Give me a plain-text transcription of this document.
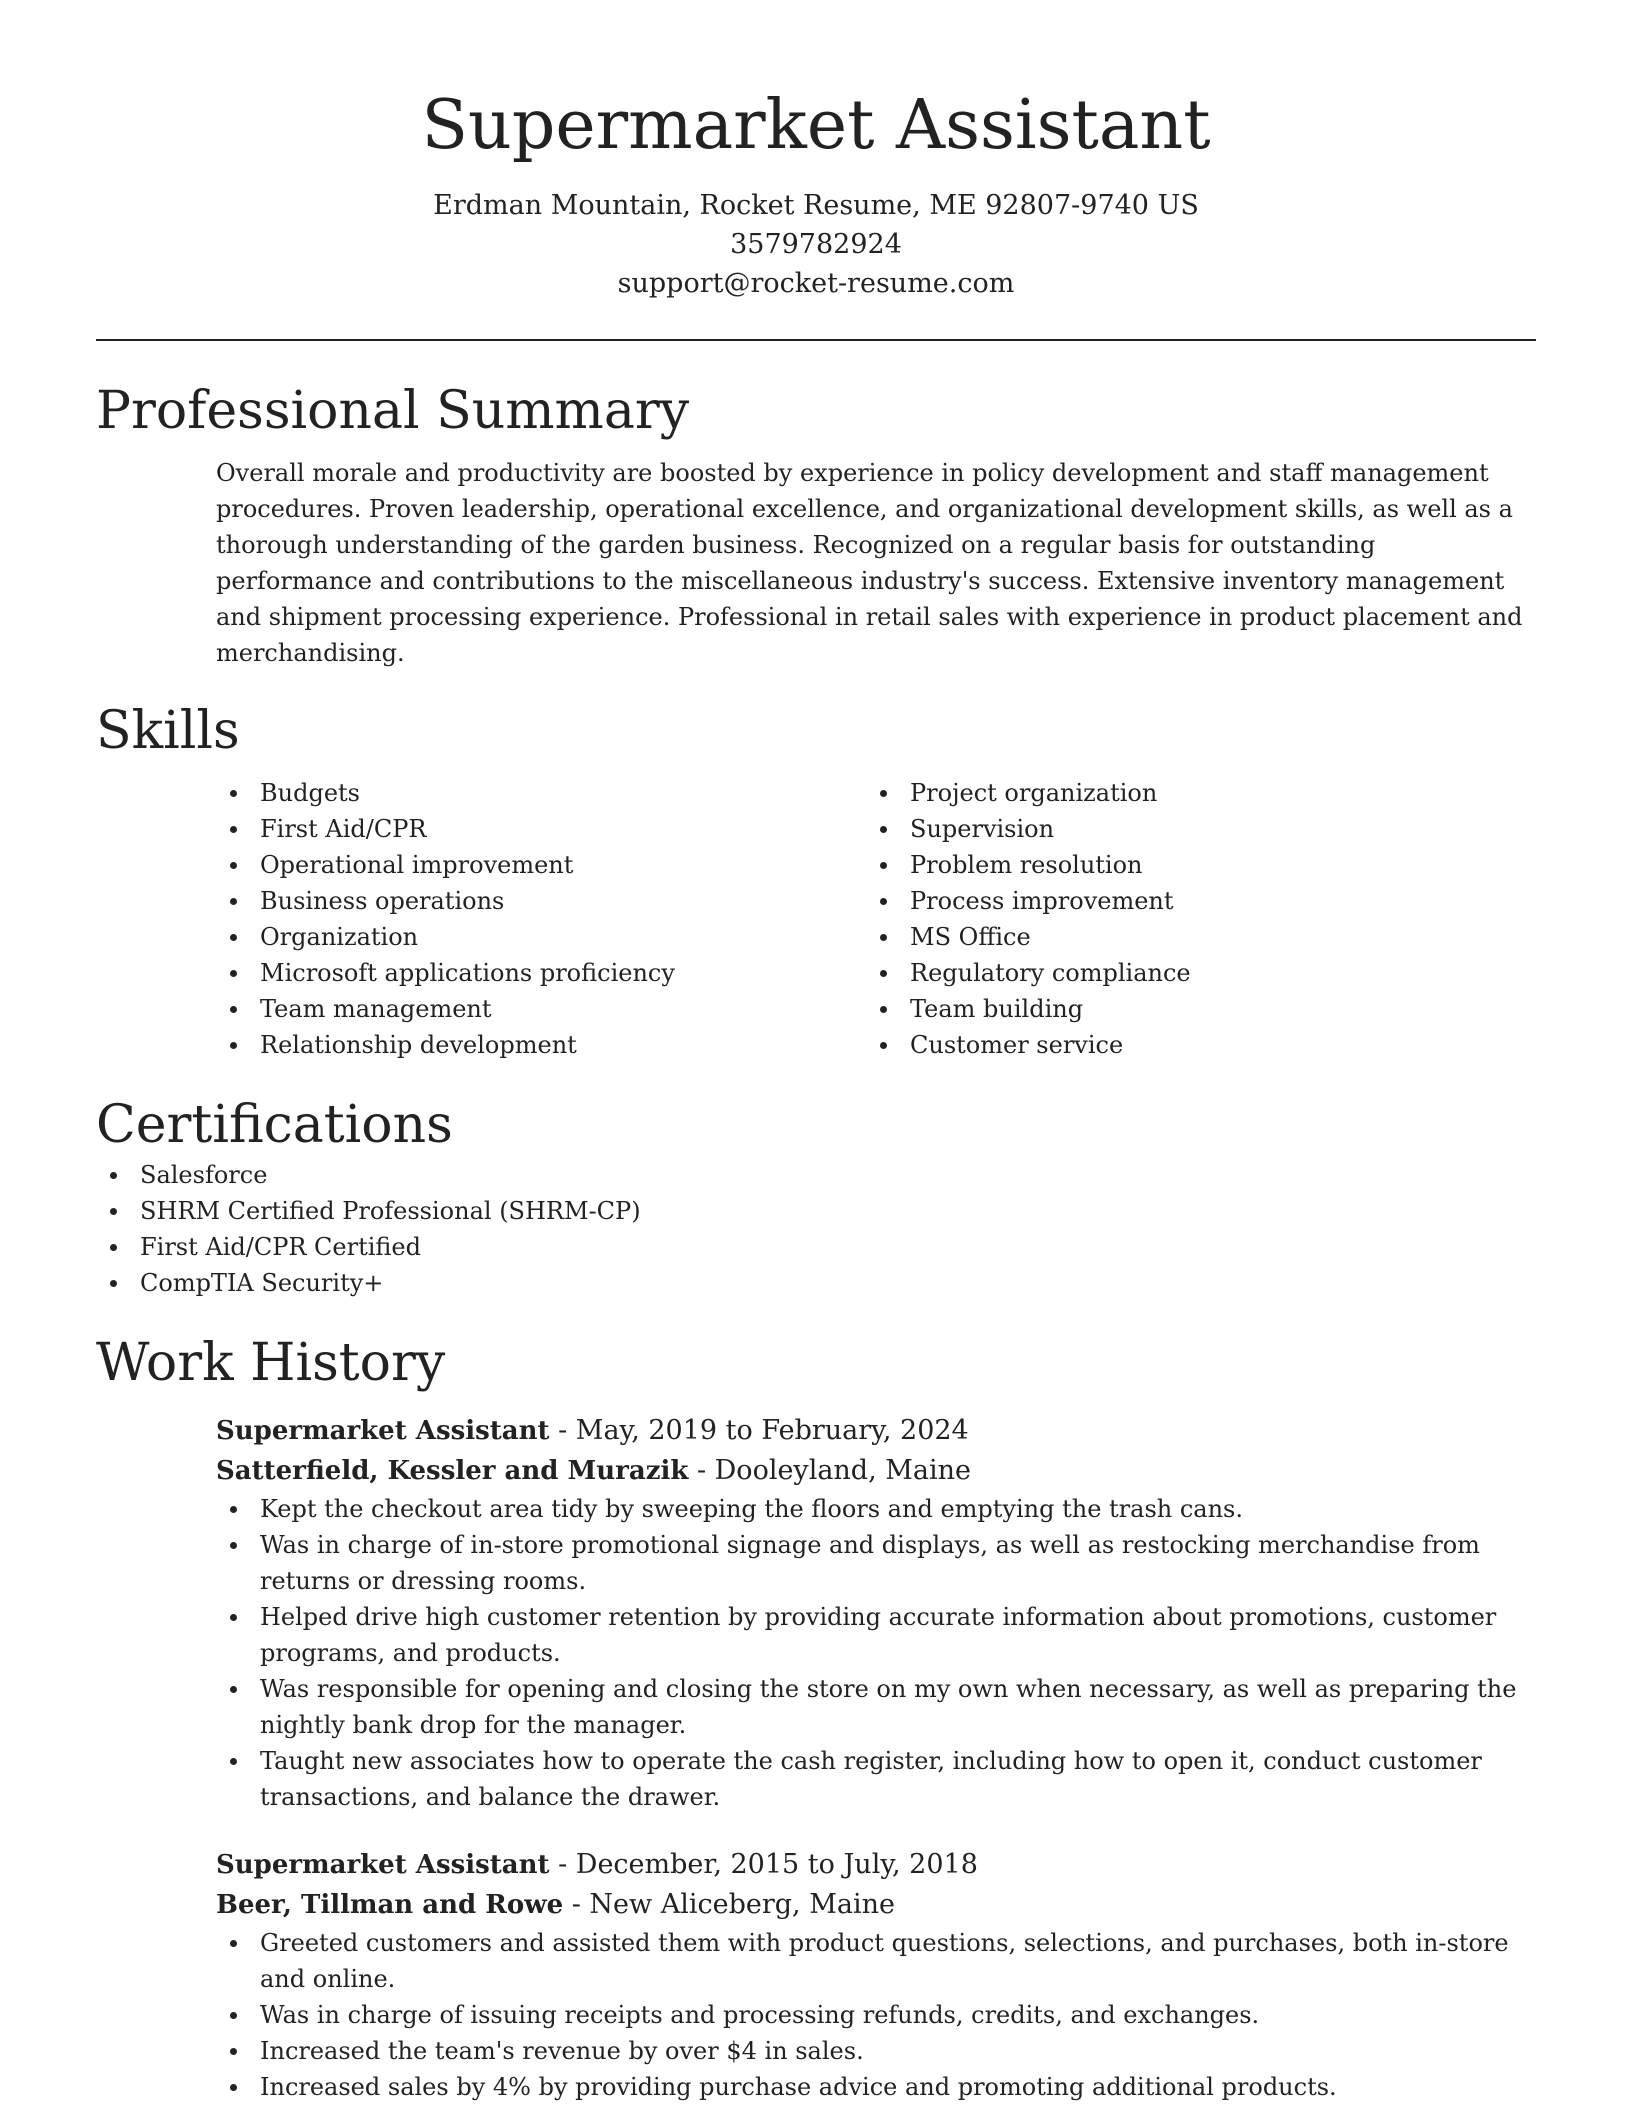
Supermarket Assistant
Erdman Mountain, Rocket Resume, ME 92807-9740 US
3579782924
support@rocket-resume.com
Professional Summary

Overall morale and productivity are boosted by experience in policy development and staff management procedures. Proven leadership, operational excellence, and organizational development skills, as well as a thorough understanding of the garden business. Recognized on a regular basis for outstanding performance and contributions to the miscellaneous industry's success. Extensive inventory management and shipment processing experience. Professional in retail sales with experience in product placement and merchandising.

Skills
Budgets
First Aid/CPR
Operational improvement
Business operations
Organization
Microsoft applications proficiency
Team management
Relationship development
Project organization
Supervision
Problem resolution
Process improvement
MS Office
Regulatory compliance
Team building
Customer service
Certifications
Salesforce
SHRM Certified Professional (SHRM-CP)
First Aid/CPR Certified
CompTIA Security+
Work History
Supermarket Assistant - May, 2019 to February, 2024
Satterfield, Kessler and Murazik - Dooleyland, Maine
Kept the checkout area tidy by sweeping the floors and emptying the trash cans.
Was in charge of in-store promotional signage and displays, as well as restocking merchandise from returns or dressing rooms.
Helped drive high customer retention by providing accurate information about promotions, customer programs, and products.
Was responsible for opening and closing the store on my own when necessary, as well as preparing the nightly bank drop for the manager.
Taught new associates how to operate the cash register, including how to open it, conduct customer transactions, and balance the drawer.
Supermarket Assistant - December, 2015 to July, 2018
Beer, Tillman and Rowe - New Aliceberg, Maine
Greeted customers and assisted them with product questions, selections, and purchases, both in-store and online.
Was in charge of issuing receipts and processing refunds, credits, and exchanges.
Increased the team's revenue by over $4 in sales.
Increased sales by 4% by providing purchase advice and promoting additional products.
